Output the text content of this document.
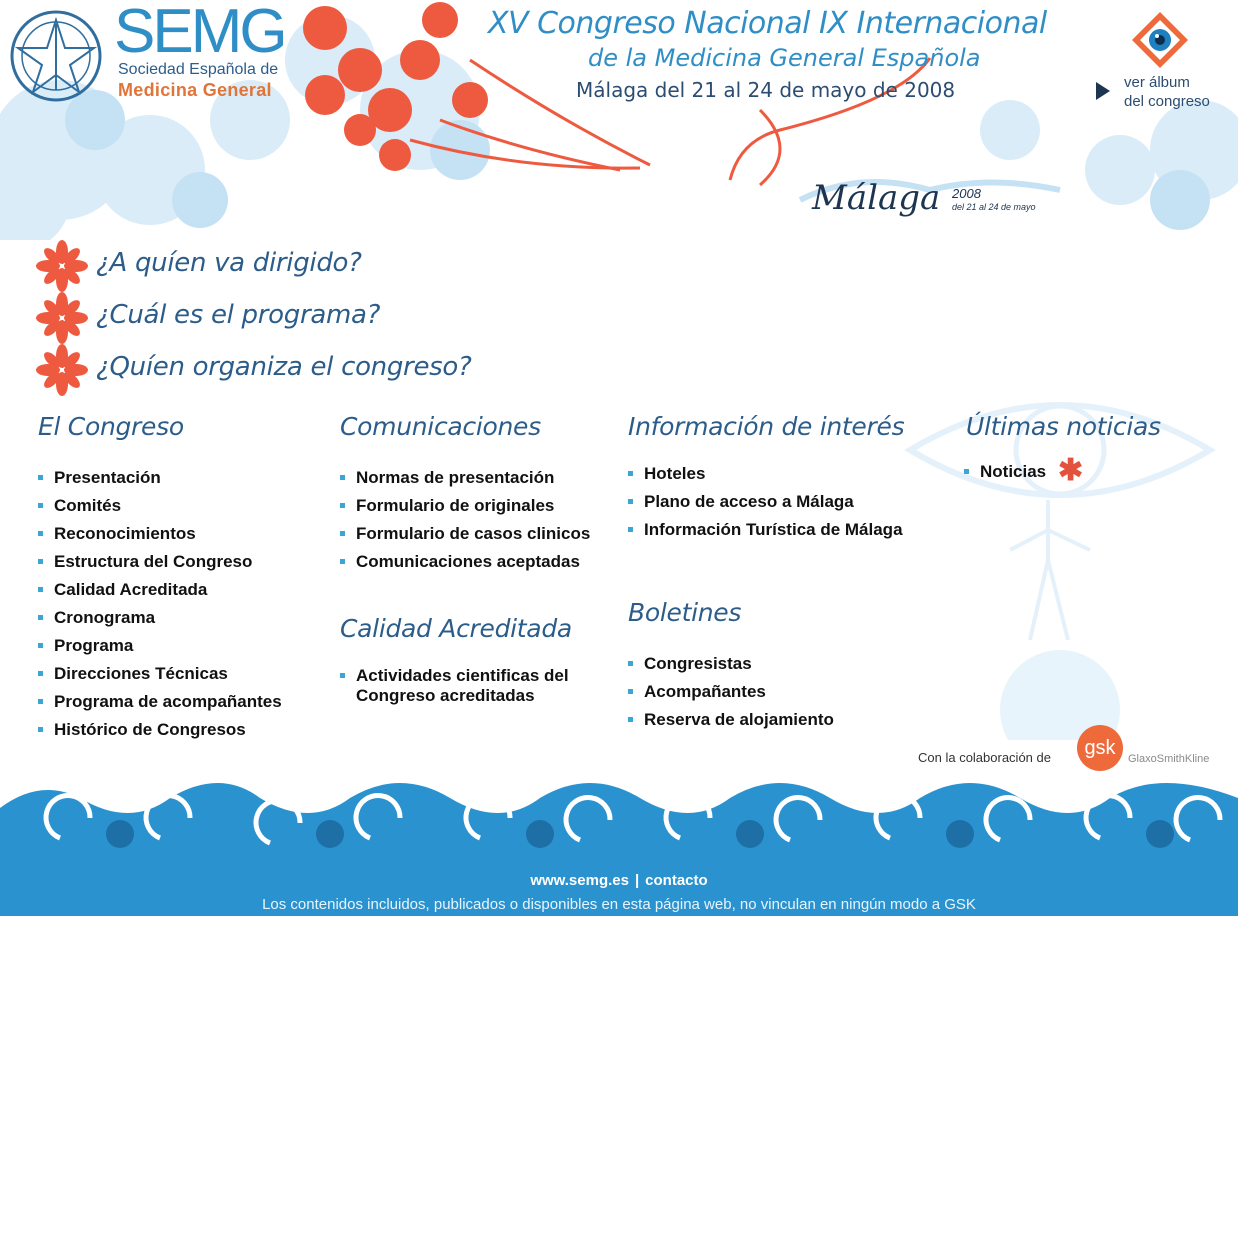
SEMG
Sociedad Española de
Medicina General
XV Congreso Nacional IX Internacional
de la Medicina General Española
Málaga del 21 al 24 de mayo de 2008	ver álbum
del congreso
Málaga 2008
del 21 al 24 de mayo
¿A quíen va dirigido?
¿Cuál es el programa?
¿Quíen organiza el congreso?
El Congreso
Presentación
Comités
Reconocimientos
Estructura del Congreso
Calidad Acreditada
Cronograma
Programa
Direcciones Técnicas
Programa de acompañantes
Histórico de Congresos
Comunicaciones
Normas de presentación
Formulario de originales
Formulario de casos clinicos
Comunicaciones aceptadas
Calidad Acreditada
Actividades cientificas del Congreso acreditadas
Información de interés
Hoteles
Plano de acceso a Málaga
Información Turística de Málaga
Boletines
Congresistas
Acompañantes
Reserva de alojamiento
Últimas noticias
Noticias ✱
Con la colaboración de gsk GlaxoSmithKline
www.semg.es | contacto
Los contenidos incluidos, publicados o disponibles en esta página web, no vinculan en ningún modo a GSK
